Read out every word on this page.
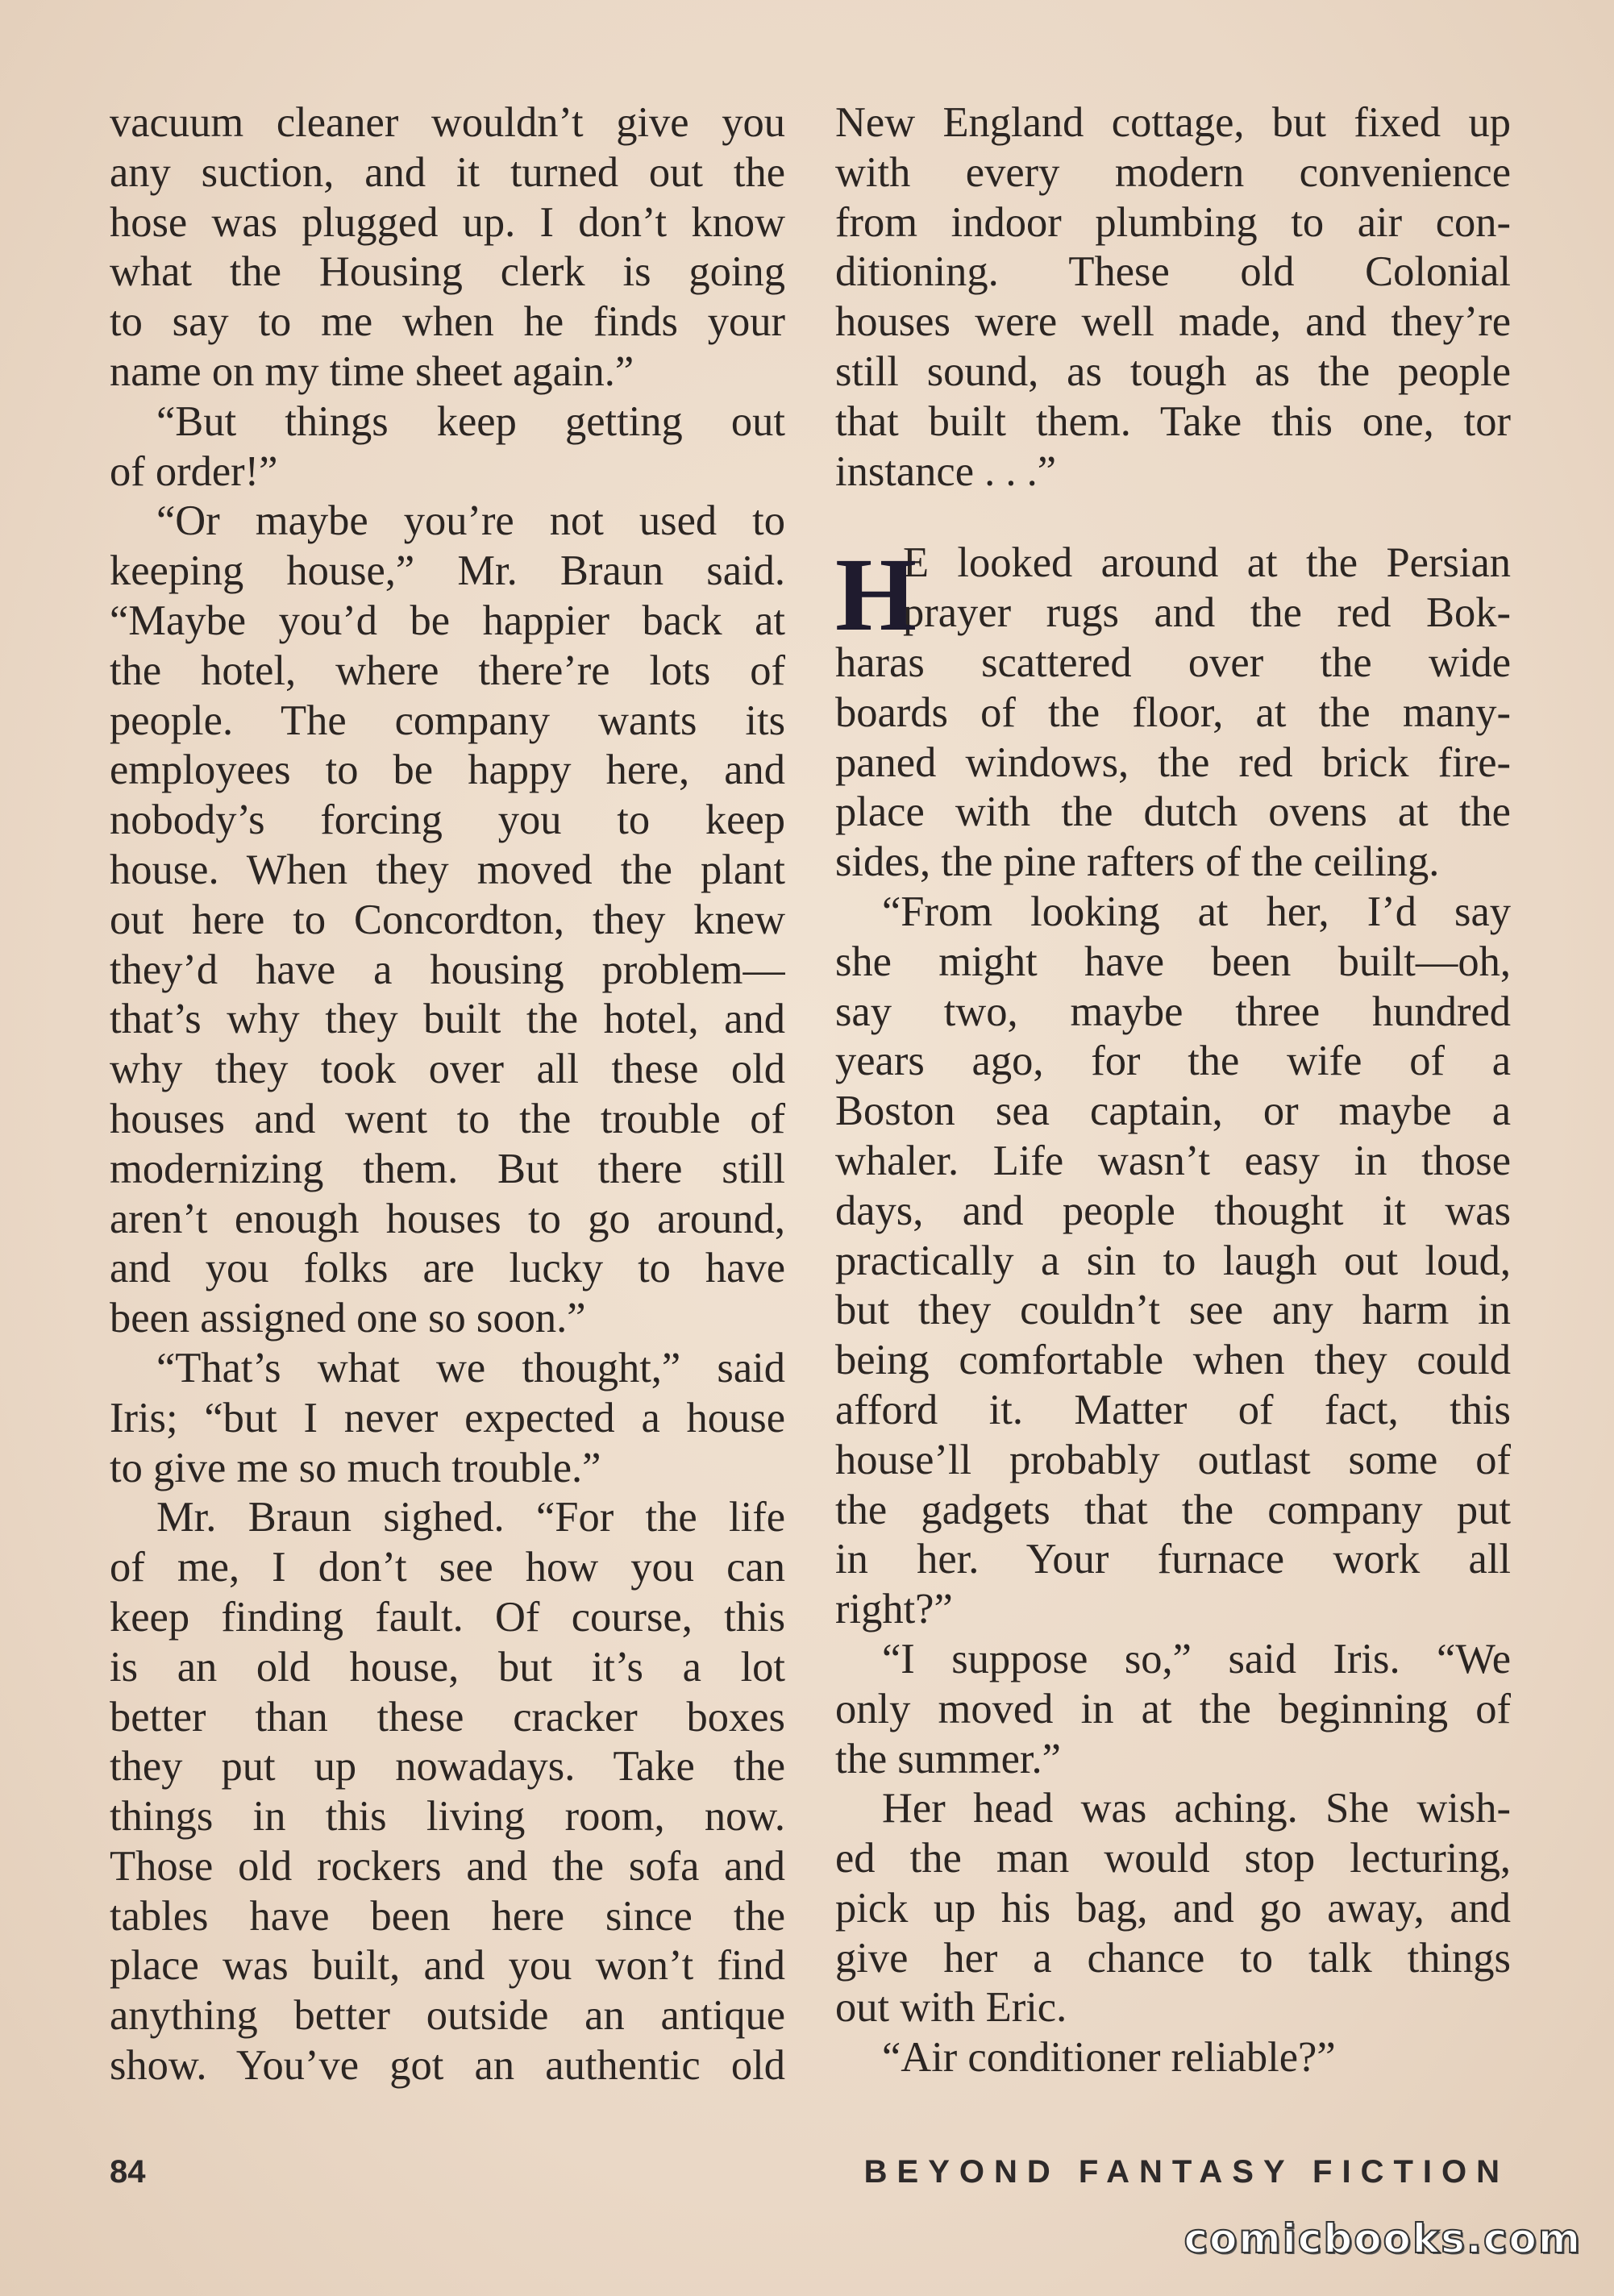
vacuum cleaner wouldn’t give you
any suction, and it turned out the
hose was plugged up. I don’t know
what the Housing clerk is going
to say to me when he finds your
name on my time sheet again.”
“But things keep getting out
of order!”
“Or maybe you’re not used to
keeping house,” Mr. Braun said.
“Maybe you’d be happier back at
the hotel, where there’re lots of
people. The company wants its
employees to be happy here, and
nobody’s forcing you to keep
house. When they moved the plant
out here to Concordton, they knew
they’d have a housing problem—
that’s why they built the hotel, and
why they took over all these old
houses and went to the trouble of
modernizing them. But there still
aren’t enough houses to go around,
and you folks are lucky to have
been assigned one so soon.”
“That’s what we thought,” said
Iris; “but I never expected a house
to give me so much trouble.”
Mr. Braun sighed. “For the life
of me, I don’t see how you can
keep finding fault. Of course, this
is an old house, but it’s a lot
better than these cracker boxes
they put up nowadays. Take the
things in this living room, now.
Those old rockers and the sofa and
tables have been here since the
place was built, and you won’t find
anything better outside an antique
show. You’ve got an authentic old
New England cottage, but fixed up
with every modern convenience
from indoor plumbing to air con-
ditioning. These old Colonial
houses were well made, and they’re
still sound, as tough as the people
that built them. Take this one, tor
instance . . .”
H
E looked around at the Persian
prayer rugs and the red Bok-
haras scattered over the wide
boards of the floor, at the many-
paned windows, the red brick fire-
place with the dutch ovens at the
sides, the pine rafters of the ceiling.
“From looking at her, I’d say
she might have been built—oh,
say two, maybe three hundred
years ago, for the wife of a
Boston sea captain, or maybe a
whaler. Life wasn’t easy in those
days, and people thought it was
practically a sin to laugh out loud,
but they couldn’t see any harm in
being comfortable when they could
afford it. Matter of fact, this
house’ll probably outlast some of
the gadgets that the company put
in her. Your furnace work all
right?”
“I suppose so,” said Iris. “We
only moved in at the beginning of
the summer.”
Her head was aching. She wish-
ed the man would stop lecturing,
pick up his bag, and go away, and
give her a chance to talk things
out with Eric.
“Air conditioner reliable?”
84	BEYOND FANTASY FICTION
comicbooks.com
